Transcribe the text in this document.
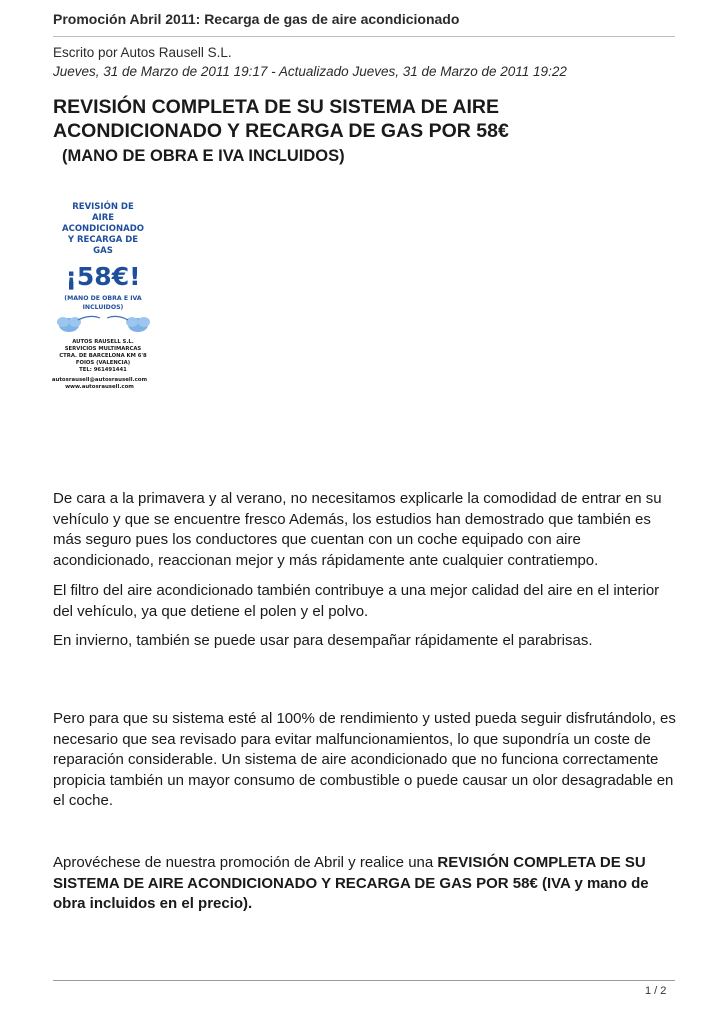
Promoción Abril 2011: Recarga de gas de aire acondicionado
Escrito por Autos Rausell S.L.
Jueves, 31 de Marzo de 2011 19:17 - Actualizado Jueves, 31 de Marzo de 2011 19:22
REVISIÓN COMPLETA DE SU SISTEMA DE AIRE
ACONDICIONADO Y RECARGA DE GAS POR 58€
(MANO DE OBRA E IVA INCLUIDOS)
REVISIÓN DE
AIRE
ACONDICIONADO
Y RECARGA DE
GAS
¡58€!
(MANO DE OBRA E IVA
INCLUIDOS)
AUTOS RAUSELL S.L.
SERVICIOS MULTIMARCAS
CTRA. DE BARCELONA KM 6'8
FOIOS (VALENCIA)
TEL: 961491441
autosrausell@autosrausell.com
www.autosrausell.com
De cara a la primavera y al verano, no necesitamos explicarle la comodidad de entrar en su vehículo y que se encuentre fresco Además, los estudios han demostrado que también es más seguro pues los conductores que cuentan con un coche equipado con aire acondicionado, reaccionan mejor y más rápidamente ante cualquier contratiempo.
El filtro del aire acondicionado también contribuye a una mejor calidad del aire en el interior del vehículo, ya que detiene el polen y el polvo.
En invierno, también se puede usar para desempañar rápidamente el parabrisas.
Pero para que su sistema esté al 100% de rendimiento y usted pueda seguir disfrutándolo, es necesario que sea revisado para evitar malfuncionamientos, lo que supondría un coste de reparación considerable. Un sistema de aire acondicionado que no funciona correctamente propicia también un mayor consumo de combustible o puede causar un olor desagradable en el coche.
Aprovéchese de nuestra promoción de Abril y realice una REVISIÓN COMPLETA DE SU SISTEMA DE AIRE ACONDICIONADO Y RECARGA DE GAS POR 58€ (IVA y mano de obra incluidos en el precio).
1 / 2
